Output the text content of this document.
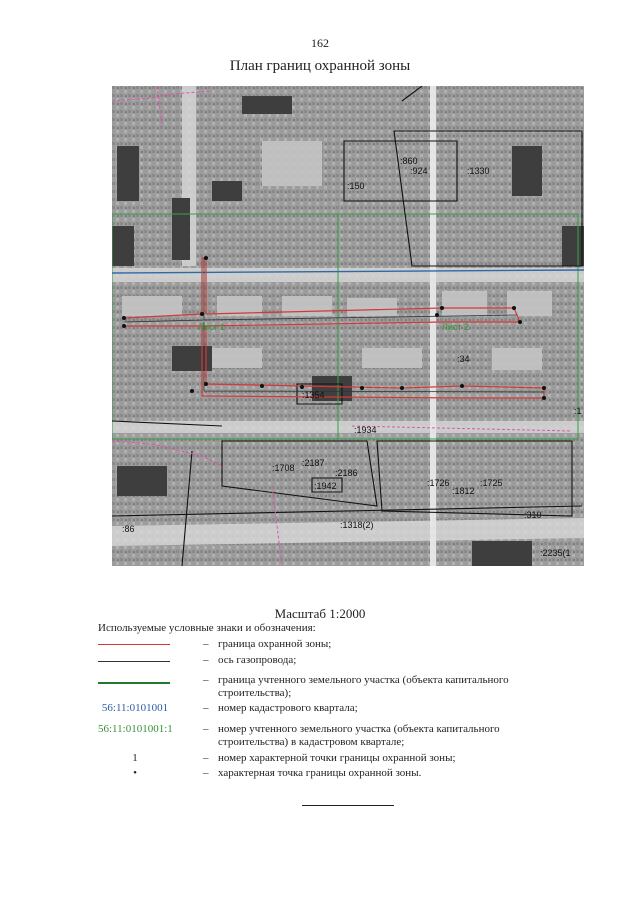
162
План границ охранной зоны
:860
:924	:1330
:150
:34
:1354
:1934
:1708 :2187
:2186
:1942	:1726	:1725
:1812
:1
:86	:1318(2)
:2235(1
:310
Лист 1	Лист 2
Масштаб 1:2000
Используемые условные знаки и обозначения:
– граница охранной зоны;
– ось газопровода;
– граница учтенного земельного участка (объекта капитального строительства);
56:11:0101001	– номер кадастрового квартала;
56:11:0101001:1	– номер учтенного земельного участка (объекта капитального строительства) в кадастровом квартале;
1	– номер характерной точки границы охранной зоны;
•	– характерная точка границы охранной зоны.
